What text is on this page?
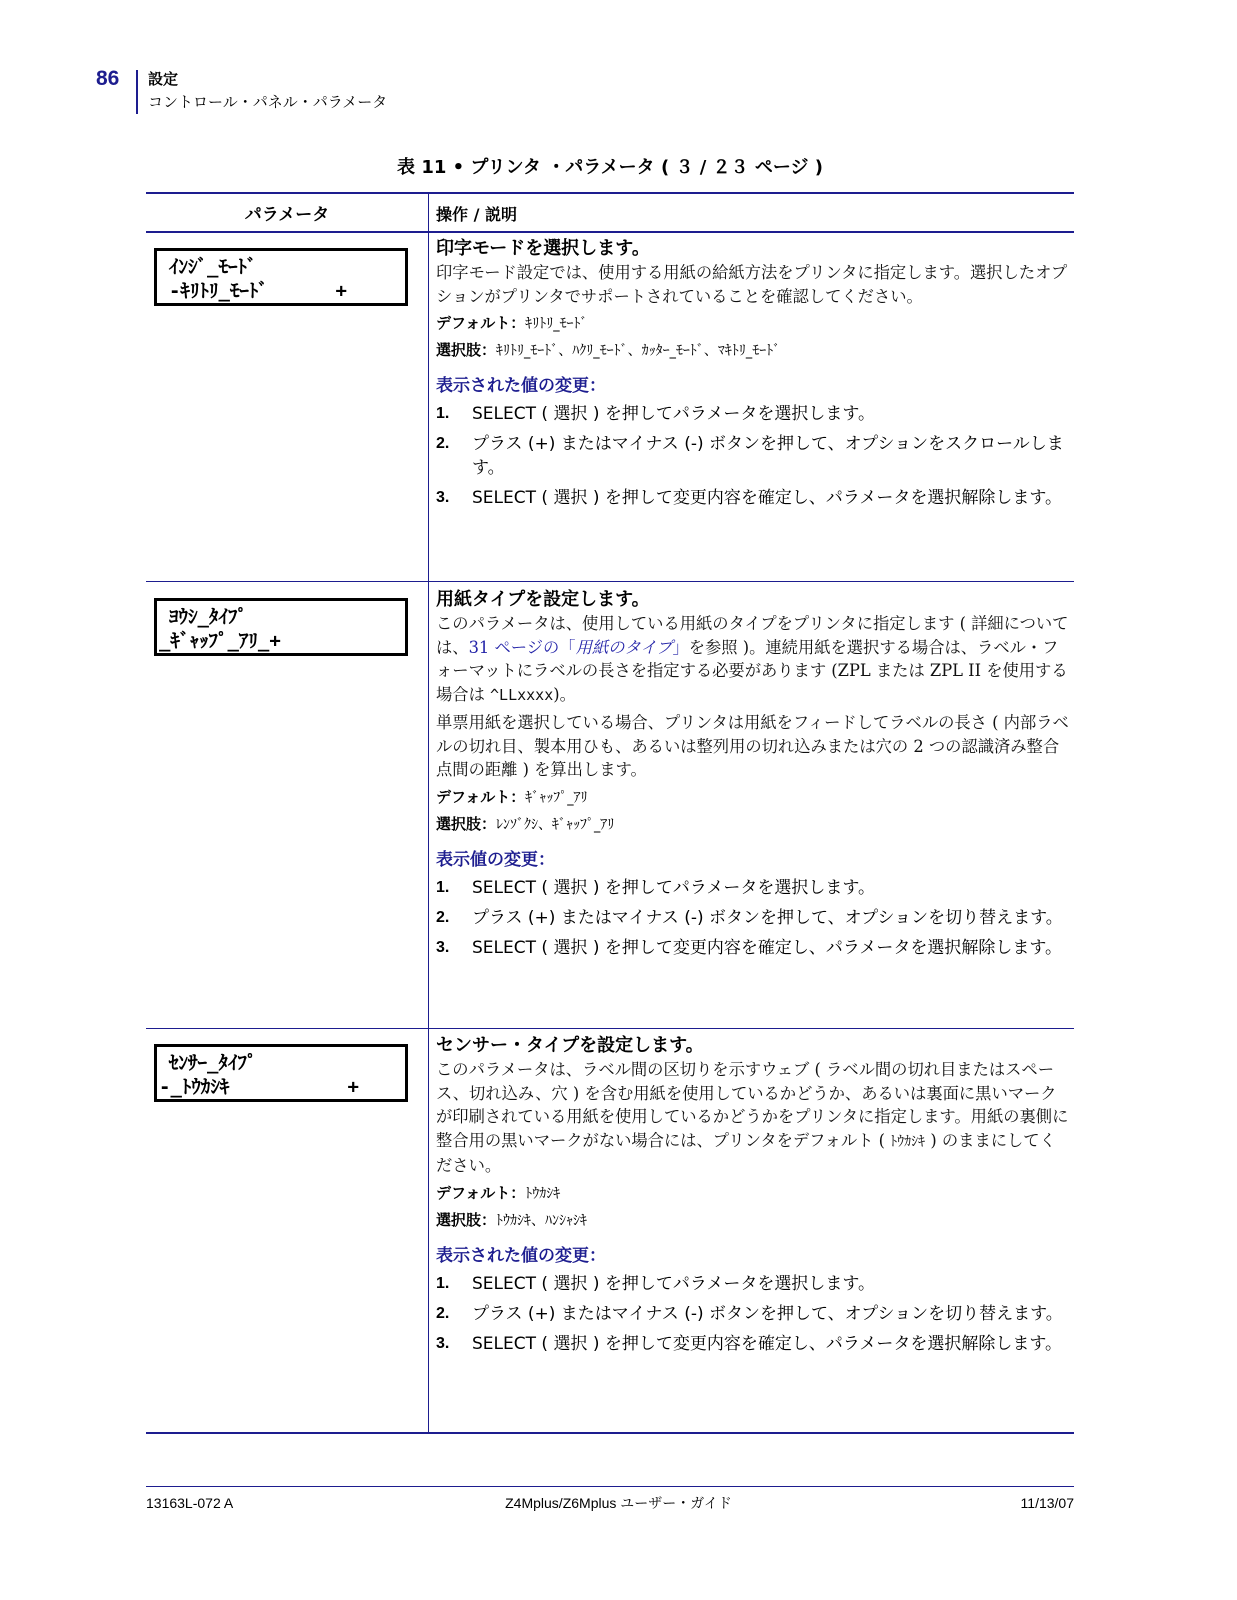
86 設定
コントロール・パネル・パラメータ
表 11 • プリンタ ・パラメータ ( ３ / ２３ ページ )
パラメータ	操作 / 説明
ｲﾝｼﾞ_ﾓｰﾄﾞ
-ｷﾘﾄﾘ_ﾓｰﾄﾞ	+

印字モードを選択します。

印字モード設定では、使用する用紙の給紙方法をプリンタに指定します。選択したオプションがプリンタでサポートされていることを確認してください。

デフォルト：ｷﾘﾄﾘ_ﾓｰﾄﾞ

選択肢：ｷﾘﾄﾘ_ﾓｰﾄﾞ、ﾊｸﾘ_ﾓｰﾄﾞ、ｶｯﾀｰ_ﾓｰﾄﾞ、ﾏｷﾄﾘ_ﾓｰﾄﾞ

表示された値の変更：

1. SELECT ( 選択 ) を押してパラメータを選択します。
2. プラス (+) またはマイナス (-) ボタンを押して、オプションをスクロールします。
3. SELECT ( 選択 ) を押して変更内容を確定し、パラメータを選択解除します。
ﾖｳｼ_ﾀｲﾌﾟ
_ｷﾞｬｯﾌﾟ_ｱﾘ_+

用紙タイプを設定します。

このパラメータは、使用している用紙のタイプをプリンタに指定します ( 詳細については、31 ページの「用紙のタイプ」を参照 )。連続用紙を選択する場合は、ラベル・フォーマットにラベルの長さを指定する必要があります (ZPL または ZPL II を使用する場合は ^LLxxxx)。

単票用紙を選択している場合、プリンタは用紙をフィードしてラベルの長さ ( 内部ラベルの切れ目、製本用ひも、あるいは整列用の切れ込みまたは穴の 2 つの認識済み整合点間の距離 ) を算出します。

デフォルト：ｷﾞｬｯﾌﾟ_ｱﾘ

選択肢：ﾚﾝｿﾞｸｼ、ｷﾞｬｯﾌﾟ_ｱﾘ

表示値の変更：

1. SELECT ( 選択 ) を押してパラメータを選択します。
2. プラス (+) またはマイナス (-) ボタンを押して、オプションを切り替えます。
3. SELECT ( 選択 ) を押して変更内容を確定し、パラメータを選択解除します。
ｾﾝｻｰ_ﾀｲﾌﾟ
-_ﾄｳｶｼｷ	+

センサー・タイプを設定します。

このパラメータは、ラベル間の区切りを示すウェブ ( ラベル間の切れ目またはスペース、切れ込み、穴 ) を含む用紙を使用しているかどうか、あるいは裏面に黒いマークが印刷されている用紙を使用しているかどうかをプリンタに指定します。用紙の裏側に整合用の黒いマークがない場合には、プリンタをデフォルト ( ﾄｳｶｼｷ ) のままにしてください。

デフォルト：ﾄｳｶｼｷ

選択肢：ﾄｳｶｼｷ、ﾊﾝｼｬｼｷ

表示された値の変更：

1. SELECT ( 選択 ) を押してパラメータを選択します。
2. プラス (+) またはマイナス (-) ボタンを押して、オプションを切り替えます。
3. SELECT ( 選択 ) を押して変更内容を確定し、パラメータを選択解除します。
Z4Mplus/Z6Mplus ユーザー・ガイド
13163L-072 A	11/13/07
